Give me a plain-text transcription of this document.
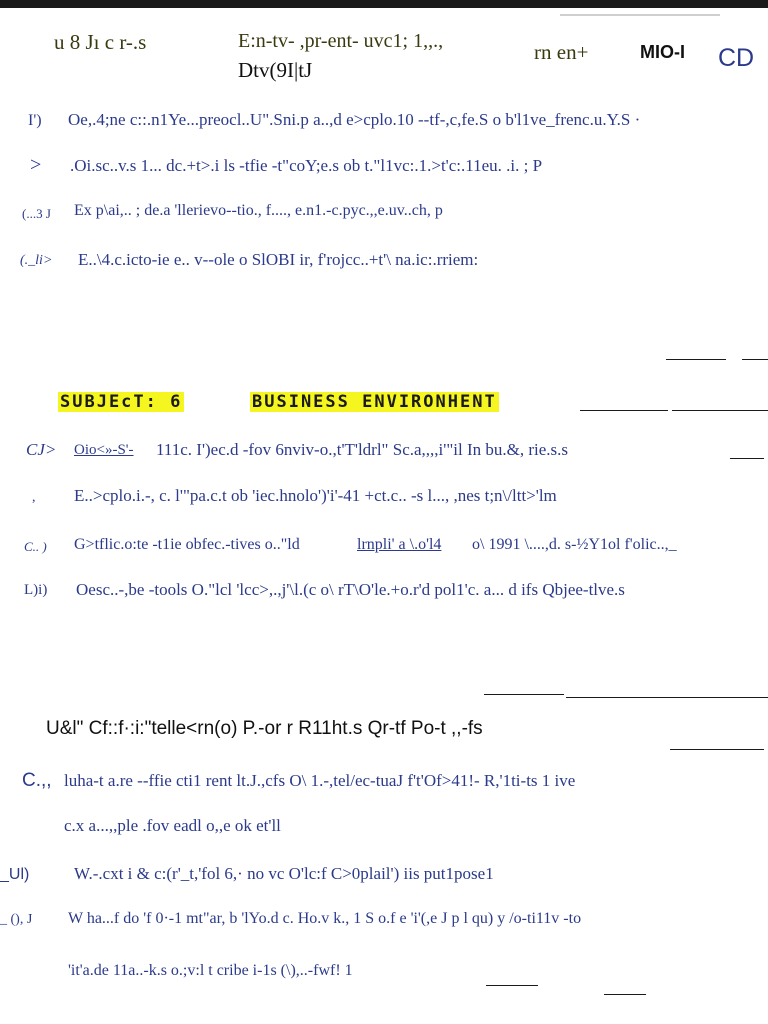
u 8 Jı c r-.s	E:n-tv- ,pr-ent- uvc1; 1,,.,
Dtv(9I|tJ
rn en+	MIO-I CD
I') Oe,.4;ne c::.n1Ye...preocl..U".Sni.p a..,d e>cplo.10 --tf-,c,fe.S o b'l1ve_frenc.u.Y.S ·
> .Oi.sc..v.s 1... dc.+t>.i ls -tfie -t"coY;e.s ob t."l1vc:.1.>t'c:.11eu. .i. ; P
(...3 J Ex p\ai,.. ; de.a 'llerievo--tio., f...., e.n1.-c.pyc.,,e.uv..ch, p
(._li> E..\4.c.icto-ie e.. v--ole o SlOBI ir, f'rojcc..+t'\ na.ic:.rriem:
SUBJEcT: 6	BUSINESS ENVIRONHENT
CJ> Oio<»-S'- 111c. I')ec.d -fov 6nviv-o.,t'T'ldrl" Sc.a,,,,i'"il In bu.&, rie.s.s
, E..>cplo.i.-, c. l'"pa.c.t ob 'iec.hnolo')'i'-41 +ct.c.. -s l..., ,nes t;n\/ltt>'lm
C.. ) G>tflic.o:te -t1ie obfec.-tives o.."ld	lrnpli' a \.o'l4 o\ 1991 \....,d. s-½Y1ol f'olic..,_
L)i) Oesc..-,be -tools O."lcl 'lcc>,.,j'\l.(c o\ rT\O'le.+o.r'd pol1'c. a... d ifs Qbjee-tlve.s
U&l" Cf::f·:i:"telle<rn(o) P.-or r R11ht.s Qr-tf Po-t ,,-fs
C.,, luha-t a.re --ffie cti1 rent lt.J.,cfs O\ 1.-,tel/ec-tuaJ f't'Of>41!- R,'1ti-ts 1 ive
c.x a...,,ple .fov eadl o,,e ok et'll
_Ul)	W.-.cxt i & c:(r'_t,'fol 6,· no vc O'lc:f C>0plail') iis put1pose1
_ (), J W ha...f do 'f 0·-1 mt"ar, b 'lYo.d c. Ho.v k., 1 S o.f e 'i'(,e J p l qu) y /o-ti11v -to
'it'a.de 11a..-k.s o.;v:l t cribe i-1s (\),..-fwf! 1
